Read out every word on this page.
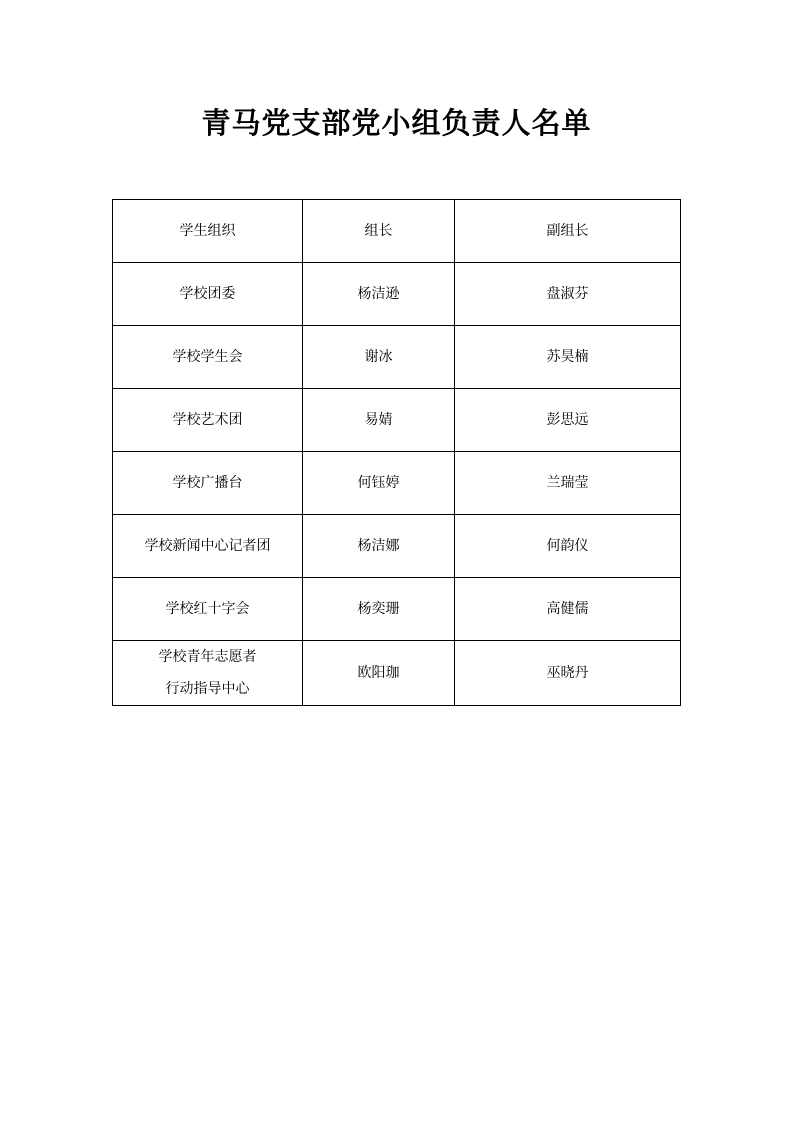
青马党支部党小组负责人名单
学生组织	组长	副组长
学校团委	杨洁逊	盘淑芬
学校学生会	谢冰	苏昊楠
学校艺术团	易婧	彭思远
学校广播台	何钰婷	兰瑞莹
学校新闻中心记者团	杨洁娜	何韵仪
学校红十字会	杨奕珊	高健儒

学校青年志愿者
行动指导中心	欧阳珈	巫晓丹
